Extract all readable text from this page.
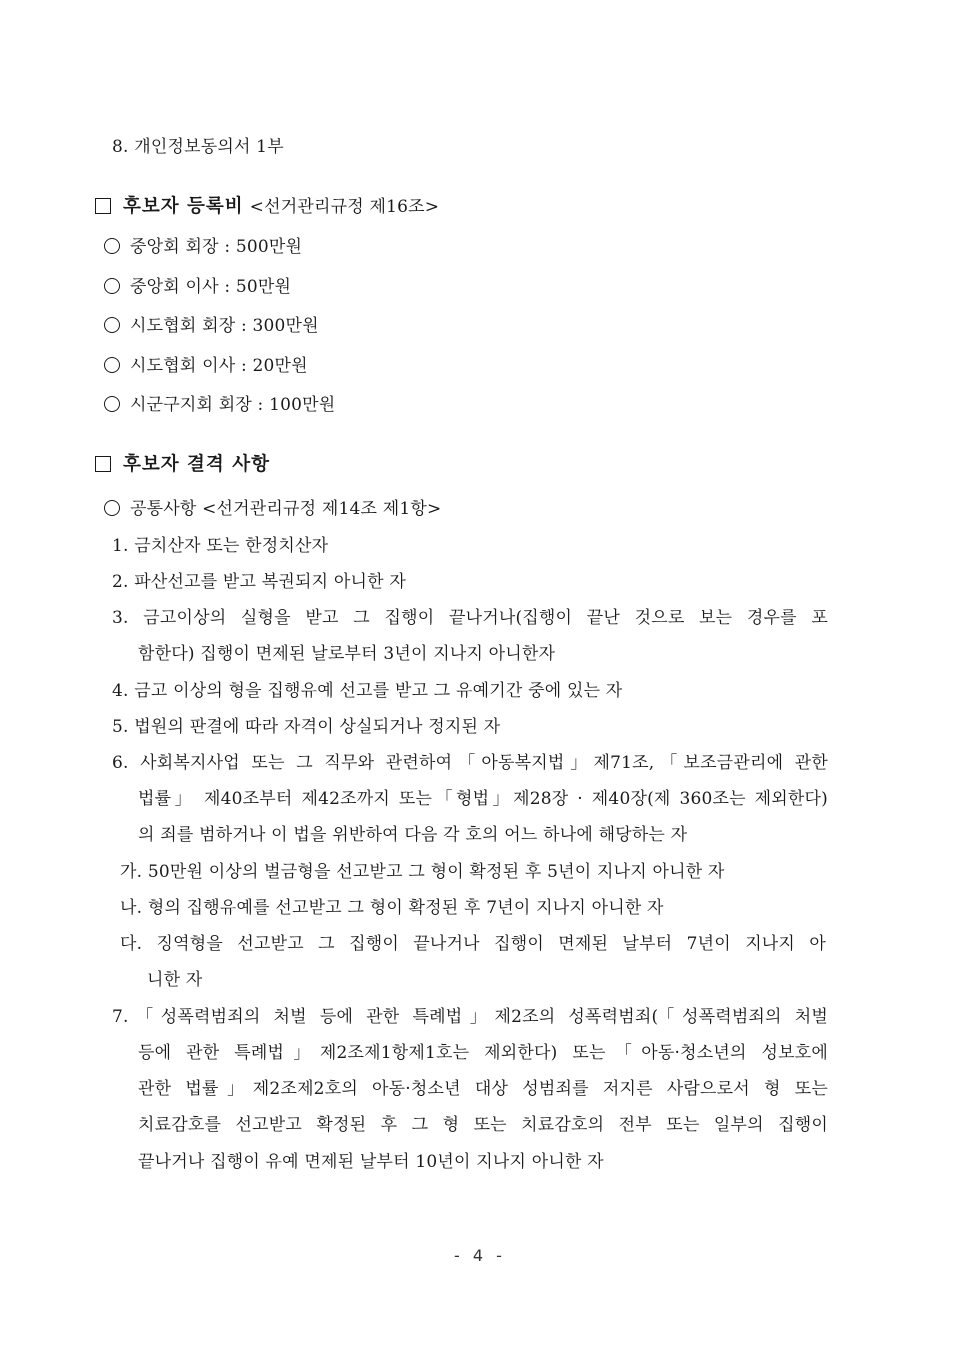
8. 개인정보동의서 1부
후보자 등록비 <선거관리규정 제16조>
중앙회 회장 : 500만원
중앙회 이사 : 50만원
시도협회 회장 : 300만원
시도협회 이사 : 20만원
시군구지회 회장 : 100만원
후보자 결격 사항
공통사항 <선거관리규정 제14조 제1항>
1. 금치산자 또는 한정치산자
2. 파산선고를 받고 복권되지 아니한 자
3. 금고이상의 실형을 받고 그 집행이 끝나거나(집행이 끝난 것으로 보는 경우를 포
함한다) 집행이 면제된 날로부터 3년이 지나지 아니한자
4. 금고 이상의 형을 집행유예 선고를 받고 그 유예기간 중에 있는 자
5. 법원의 판결에 따라 자격이 상실되거나 정지된 자
6. 사회복지사업 또는 그 직무와 관련하여「아동복지법」제71조,「보조금관리에 관한
법률」 제40조부터 제42조까지 또는「형법」제28장 · 제40장(제 360조는 제외한다)
의 죄를 범하거나 이 법을 위반하여 다음 각 호의 어느 하나에 해당하는 자
가. 50만원 이상의 벌금형을 선고받고 그 형이 확정된 후 5년이 지나지 아니한 자
나. 형의 집행유예를 선고받고 그 형이 확정된 후 7년이 지나지 아니한 자
다. 징역형을 선고받고 그 집행이 끝나거나 집행이 면제된 날부터 7년이 지나지 아
니한 자
7.「성폭력범죄의 처벌 등에 관한 특례법」제2조의 성폭력범죄(「성폭력범죄의 처벌
등에 관한 특례법」제2조제1항제1호는 제외한다) 또는「아동·청소년의 성보호에
관한 법률」제2조제2호의 아동·청소년 대상 성범죄를 저지른 사람으로서 형 또는
치료감호를 선고받고 확정된 후 그 형 또는 치료감호의 전부 또는 일부의 집행이
끝나거나 집행이 유예 면제된 날부터 10년이 지나지 아니한 자
- 4 -
